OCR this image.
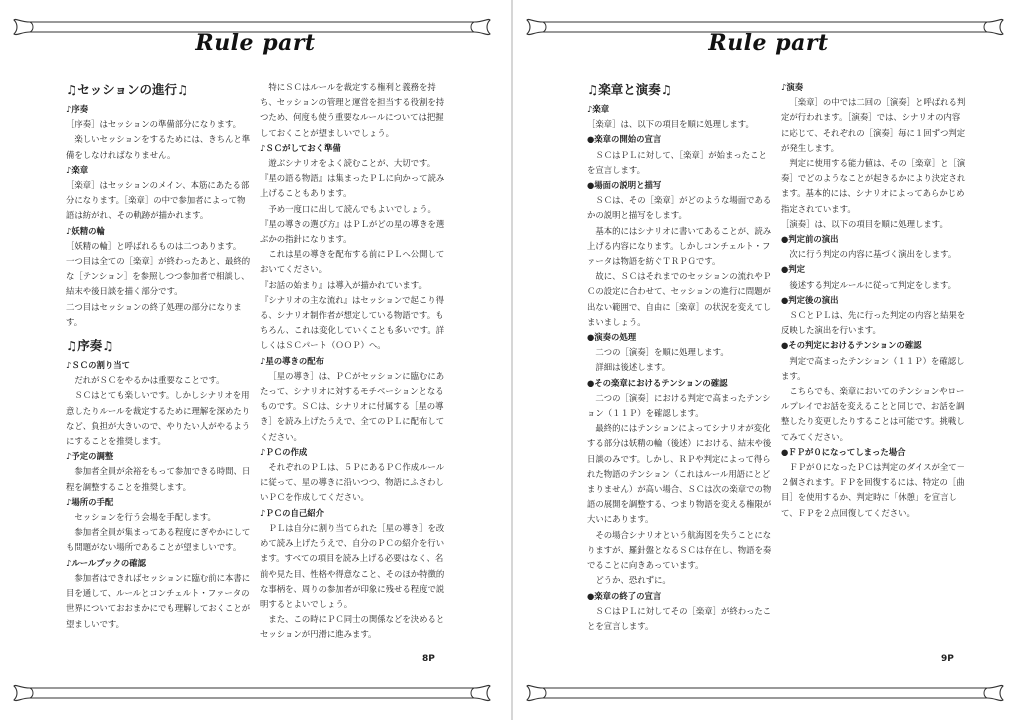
Rule part
♫セッションの進行♫

♪序奏

［序奏］はセッションの準備部分になります。

楽しいセッションをするためには、きちんと準備をしなければなりません。

♪楽章

［楽章］はセッションのメイン、本筋にあたる部分になります。［楽章］の中で参加者によって物語は紡がれ、その軌跡が描かれます。

♪妖精の輪

［妖精の輪］と呼ばれるものは二つあります。

一つ目は全ての［楽章］が終わったあと、最終的な［テンション］を参照しつつ参加者で相談し、結末や後日談を描く部分です。

二つ目はセッションの終了処理の部分になります。

♫序奏♫

♪ＳＣの割り当て

だれがＳＣをやるかは重要なことです。

ＳＣはとても楽しいです。しかしシナリオを用意したりルールを裁定するために理解を深めたりなど、負担が大きいので、やりたい人がやるようにすることを推奨します。

♪予定の調整

参加者全員が余裕をもって参加できる時間、日程を調整することを推奨します。

♪場所の手配

セッションを行う会場を手配します。

参加者全員が集まってある程度にぎやかにしても問題がない場所であることが望ましいです。

♪ルールブックの確認

参加者はできればセッションに臨む前に本書に目を通して、ルールとコンチェルト・ファータの世界についておおまかにでも理解しておくことが望ましいです。

特にＳＣはルールを裁定する権利と義務を持ち、セッションの管理と運営を担当する役割を持つため、何度も使う重要なルールについては把握しておくことが望ましいでしょう。

♪ＳＣがしておく準備

遊ぶシナリオをよく読むことが、大切です。

『星の語る物語』は集まったＰＬに向かって読み上げることもあります。

予め一度口に出して読んでもよいでしょう。

『星の導きの選び方』はＰＬがどの星の導きを選ぶかの指針になります。

これは星の導きを配布する前にＰＬへ公開しておいてください。

『お話の始まり』は導入が描かれています。

『シナリオの主な流れ』はセッションで起こり得る、シナリオ制作者が想定している物語です。もちろん、これは変化していくことも多いです。詳しくはＳＣパート（ＯＯＰ）へ。

♪星の導きの配布

［星の導き］は、ＰＣがセッションに臨むにあたって、シナリオに対するモチベーションとなるものです。ＳＣは、シナリオに付属する［星の導き］を読み上げたうえで、全てのＰＬに配布してください。

♪ＰＣの作成

それぞれのＰＬは、５ＰにあるＰＣ作成ルールに従って、星の導きに沿いつつ、物語にふさわしいＰＣを作成してください。

♪ＰＣの自己紹介

ＰＬは自分に割り当てられた［星の導き］を改めて読み上げたうえで、自分のＰＣの紹介を行います。すべての項目を読み上げる必要はなく、名前や見た目、性格や得意なこと、そのほか特徴的な事柄を、周りの参加者が印象に残せる程度で説明するとよいでしょう。

また、この時にＰＣ同士の関係などを決めるとセッションが円滑に進みます。

8P
Rule part
♫楽章と演奏♫

♪楽章

［楽章］は、以下の項目を順に処理します。

●楽章の開始の宣言

ＳＣはＰＬに対して、［楽章］が始まったことを宣言します。

●場面の説明と描写

ＳＣは、その［楽章］がどのような場面であるかの説明と描写をします。

基本的にはシナリオに書いてあることが、読み上げる内容になります。しかしコンチェルト・ファータは物語を紡ぐＴＲＰＧです。

故に、ＳＣはそれまでのセッションの流れやＰＣの設定に合わせて、セッションの進行に問題が出ない範囲で、自由に［楽章］の状況を変えてしまいましょう。

●演奏の処理

二つの［演奏］を順に処理します。

詳細は後述します。

●その楽章におけるテンションの確認

二つの［演奏］における判定で高まったテンション（１１Ｐ）を確認します。

最終的にはテンションによってシナリオが変化する部分は妖精の輪（後述）における、結末や後日談のみです。しかし、ＲＰや判定によって得られた物語のテンション（これはルール用語にとどまりません）が高い場合、ＳＣは次の楽章での物語の展開を調整する、つまり物語を変える権限が大いにあります。

その場合シナリオという航海図を失うことになりますが、羅針盤となるＳＣは存在し、物語を奏でることに向きあっています。

どうか、恐れずに。

●楽章の終了の宣言

ＳＣはＰＬに対してその［楽章］が終わったことを宣言します。

♪演奏

［楽章］の中では二回の［演奏］と呼ばれる判定が行われます。［演奏］では、シナリオの内容に応じて、それぞれの［演奏］毎に１回ずつ判定が発生します。

判定に使用する能力値は、その［楽章］と［演奏］でどのようなことが起きるかにより決定されます。基本的には、シナリオによってあらかじめ指定されています。

［演奏］は、以下の項目を順に処理します。

●判定前の演出

次に行う判定の内容に基づく演出をします。

●判定

後述する判定ルールに従って判定をします。

●判定後の演出

ＳＣとＰＬは、先に行った判定の内容と結果を反映した演出を行います。

●その判定におけるテンションの確認

判定で高まったテンション（１１Ｐ）を確認します。

こちらでも、楽章においてのテンションやロールプレイでお話を変えることと同じで、お話を調整したり変更したりすることは可能です。挑戦してみてください。

●ＦＰが０になってしまった場合

ＦＰが０になったＰＣは判定のダイスが全て－２個されます。ＦＰを回復するには、特定の［曲目］を使用するか、判定時に「休憩」を宣言して、ＦＰを２点回復してください。

9P
